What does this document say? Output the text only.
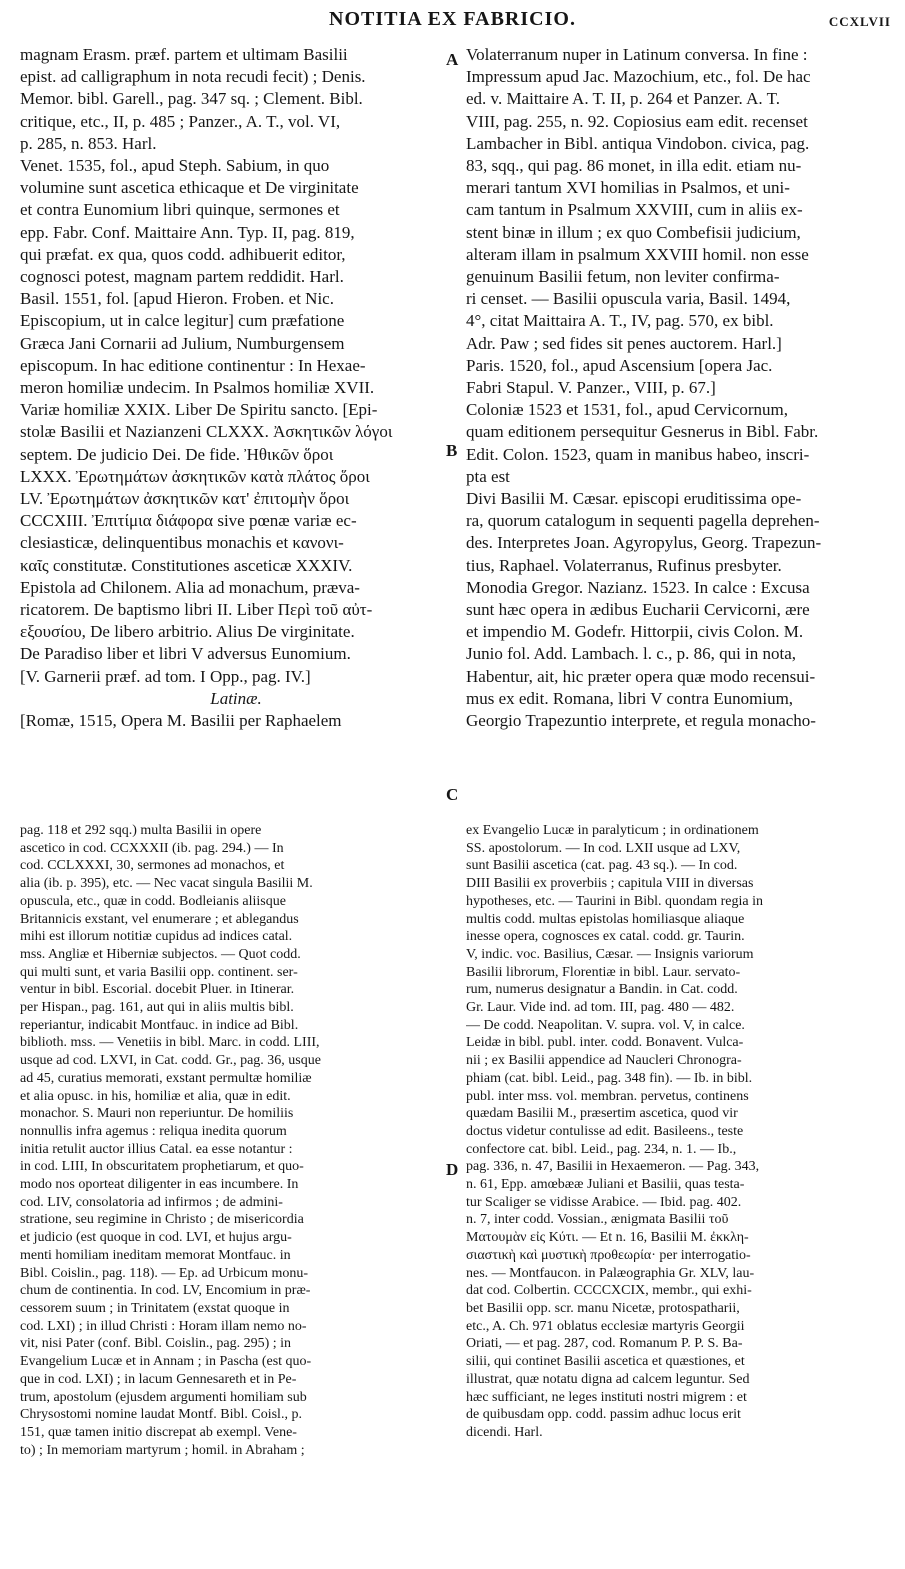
NOTITIA EX FABRICIO.	CCXLVII

magnam Erasm. præf. partem et ultimam Basilii
epist. ad calligraphum in nota recudi fecit) ; Denis.
Memor. bibl. Garell., pag. 347 sq. ; Clement. Bibl.
critique, etc., II, p. 485 ; Panzer., A. T., vol. VI,
p. 285, n. 853. Harl.

Venet. 1535, fol., apud Steph. Sabium, in quo
volumine sunt ascetica ethicaque et De virginitate
et contra Eunomium libri quinque, sermones et
epp. Fabr. Conf. Maittaire Ann. Typ. II, pag. 819,
qui præfat. ex qua, quos codd. adhibuerit editor,
cognosci potest, magnam partem reddidit. Harl.

Basil. 1551, fol. [apud Hieron. Froben. et Nic.
Episcopium, ut in calce legitur] cum præfatione
Græca Jani Cornarii ad Julium, Numburgensem
episcopum. In hac editione continentur : In Hexae-
meron homiliæ undecim. In Psalmos homiliæ XVII.
Variæ homiliæ XXIX. Liber De Spiritu sancto. [Epi-
stolæ Basilii et Nazianzeni CLXXX. Ἀσκητικῶν λόγοι
septem. De judicio Dei. De fide. Ἠθικῶν ὅροι
LXXX. Ἐρωτημάτων ἀσκητικῶν κατὰ πλάτος ὅροι
LV. Ἐρωτημάτων ἀσκητικῶν κατ' ἐπιτομὴν ὅροι
CCCXIII. Ἐπιτίμια διάφορα sive pœnæ variæ ec-
clesiasticæ, delinquentibus monachis et κανονι-
καῖς constitutæ. Constitutiones asceticæ XXXIV.
Epistola ad Chilonem. Alia ad monachum, præva-
ricatorem. De baptismo libri II. Liber Περὶ τοῦ αὐτ-
εξουσίου, De libero arbitrio. Alius De virginitate.
De Paradiso liber et libri V adversus Eunomium.
[V. Garnerii præf. ad tom. I Opp., pag. IV.]

Latinæ.

[Romæ, 1515, Opera M. Basilii per Raphaelem

Volaterranum nuper in Latinum conversa. In fine :
Impressum apud Jac. Mazochium, etc., fol. De hac
ed. v. Maittaire A. T. II, p. 264 et Panzer. A. T.
VIII, pag. 255, n. 92. Copiosius eam edit. recenset
Lambacher in Bibl. antiqua Vindobon. civica, pag.
83, sqq., qui pag. 86 monet, in illa edit. etiam nu-
merari tantum XVI homilias in Psalmos, et uni-
cam tantum in Psalmum XXVIII, cum in aliis ex-
stent binæ in illum ; ex quo Combefisii judicium,
alteram illam in psalmum XXVIII homil. non esse
genuinum Basilii fetum, non leviter confirma-
ri censet. — Basilii opuscula varia, Basil. 1494,
4°, citat Maittaira A. T., IV, pag. 570, ex bibl.
Adr. Paw ; sed fides sit penes auctorem. Harl.]

Paris. 1520, fol., apud Ascensium [opera Jac.
Fabri Stapul. V. Panzer., VIII, p. 67.]

Coloniæ 1523 et 1531, fol., apud Cervicornum,
quam editionem persequitur Gesnerus in Bibl. Fabr.
Edit. Colon. 1523, quam in manibus habeo, inscri-
pta est

Divi Basilii M. Cæsar. episcopi eruditissima ope-
ra, quorum catalogum in sequenti pagella deprehen-
des. Interpretes Joan. Agyropylus, Georg. Trapezun-
tius, Raphael. Volaterranus, Rufinus presbyter.
Monodia Gregor. Nazianz. 1523. In calce : Excusa
sunt hæc opera in ædibus Eucharii Cervicorni, ære
et impendio M. Godefr. Hittorpii, civis Colon. M.
Junio fol. Add. Lambach. l. c., p. 86, qui in nota,
Habentur, ait, hic præter opera quæ modo recensui-
mus ex edit. Romana, libri V contra Eunomium,
Georgio Trapezuntio interprete, et regula monacho-

A
B
C
D

pag. 118 et 292 sqq.) multa Basilii in opere
ascetico in cod. CCXXXII (ib. pag. 294.) — In
cod. CCLXXXI, 30, sermones ad monachos, et
alia (ib. p. 395), etc. — Nec vacat singula Basilii M.
opuscula, etc., quæ in codd. Bodleianis aliisque
Britannicis exstant, vel enumerare ; et ablegandus
mihi est illorum notitiæ cupidus ad indices catal.
mss. Angliæ et Hiberniæ subjectos. — Quot codd.
qui multi sunt, et varia Basilii opp. continent. ser-
ventur in bibl. Escorial. docebit Pluer. in Itinerar.
per Hispan., pag. 161, aut qui in aliis multis bibl.
reperiantur, indicabit Montfauc. in indice ad Bibl.
biblioth. mss. — Venetiis in bibl. Marc. in codd. LIII,
usque ad cod. LXVI, in Cat. codd. Gr., pag. 36, usque
ad 45, curatius memorati, exstant permultæ homiliæ
et alia opusc. in his, homiliæ et alia, quæ in edit.
monachor. S. Mauri non reperiuntur. De homiliis
nonnullis infra agemus : reliqua inedita quorum
initia retulit auctor illius Catal. ea esse notantur :
in cod. LIII, In obscuritatem prophetiarum, et quo-
modo nos oporteat diligenter in eas incumbere. In
cod. LIV, consolatoria ad infirmos ; de admini-
stratione, seu regimine in Christo ; de misericordia
et judicio (est quoque in cod. LVI, et hujus argu-
menti homiliam ineditam memorat Montfauc. in
Bibl. Coislin., pag. 118). — Ep. ad Urbicum monu-
chum de continentia. In cod. LV, Encomium in præ-
cessorem suum ; in Trinitatem (exstat quoque in
cod. LXI) ; in illud Christi : Horam illam nemo no-
vit, nisi Pater (conf. Bibl. Coislin., pag. 295) ; in
Evangelium Lucæ et in Annam ; in Pascha (est quo-
que in cod. LXI) ; in lacum Gennesareth et in Pe-
trum, apostolum (ejusdem argumenti homiliam sub
Chrysostomi nomine laudat Montf. Bibl. Coisl., p.
151, quæ tamen initio discrepat ab exempl. Vene-
to) ; In memoriam martyrum ; homil. in Abraham ;

ex Evangelio Lucæ in paralyticum ; in ordinationem
SS. apostolorum. — In cod. LXII usque ad LXV,
sunt Basilii ascetica (cat. pag. 43 sq.). — In cod.
DIII Basilii ex proverbiis ; capitula VIII in diversas
hypotheses, etc. — Taurini in Bibl. quondam regia in
multis codd. multas epistolas homiliasque aliaque
inesse opera, cognosces ex catal. codd. gr. Taurin.
V, indic. voc. Basilius, Cæsar. — Insignis variorum
Basilii librorum, Florentiæ in bibl. Laur. servato-
rum, numerus designatur a Bandin. in Cat. codd.
Gr. Laur. Vide ind. ad tom. III, pag. 480 — 482.
— De codd. Neapolitan. V. supra. vol. V, in calce.
Leidæ in bibl. publ. inter. codd. Bonavent. Vulca-
nii ; ex Basilii appendice ad Naucleri Chronogra-
phiam (cat. bibl. Leid., pag. 348 fin). — Ib. in bibl.
publ. inter mss. vol. membran. pervetus, continens
quædam Basilii M., præsertim ascetica, quod vir
doctus videtur contulisse ad edit. Basileens., teste
confectore cat. bibl. Leid., pag. 234, n. 1. — Ib.,
pag. 336, n. 47, Basilii in Hexaemeron. — Pag. 343,
n. 61, Epp. amœbææ Juliani et Basilii, quas testa-
tur Scaliger se vidisse Arabice. — Ibid. pag. 402.
n. 7, inter codd. Vossian., ænigmata Basilii τοῦ
Ματουμὰν εἰς Κύτι. — Et n. 16, Basilii M. ἐκκλη-
σιαστικὴ καὶ μυστικὴ προθεωρία· per interrogatio-
nes. — Montfaucon. in Palæographia Gr. XLV, lau-
dat cod. Colbertin. CCCCXCIX, membr., qui exhi-
bet Basilii opp. scr. manu Nicetæ, protospatharii,
etc., A. Ch. 971 oblatus ecclesiæ martyris Georgii
Oriati, — et pag. 287, cod. Romanum P. P. S. Ba-
silii, qui continet Basilii ascetica et quæstiones, et
illustrat, quæ notatu digna ad calcem leguntur. Sed
hæc sufficiant, ne leges instituti nostri migrem : et
de quibusdam opp. codd. passim adhuc locus erit
dicendi. Harl.
